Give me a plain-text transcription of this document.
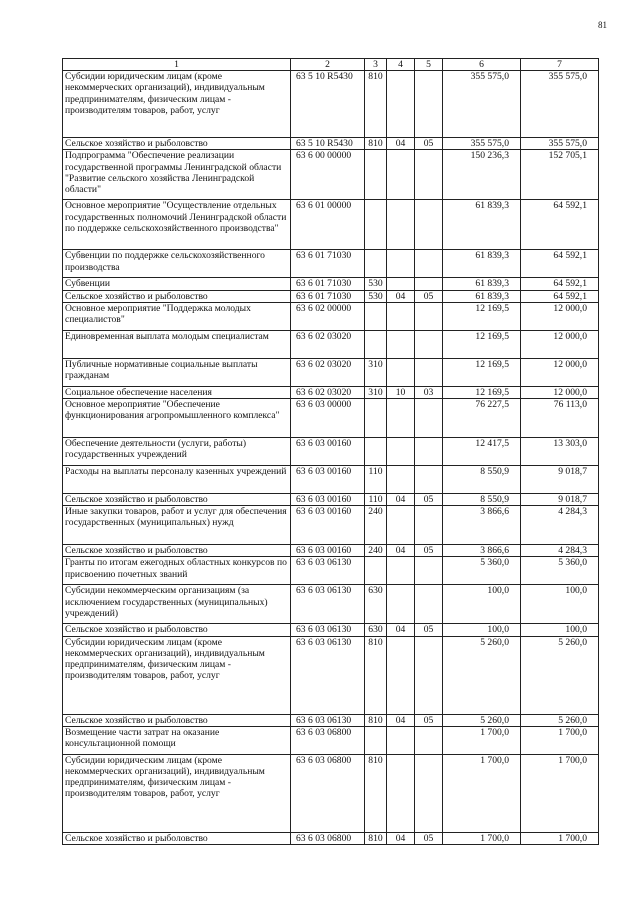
81
1	2	3	4	5	6	7
Субсидии юридическим лицам (кроме некоммерческих организаций), индивидуальным предпринимателям, физическим лицам - производителям товаров, работ, услуг	63 5 10 R5430	810			355 575,0	355 575,0
Сельское хозяйство и рыболовство	63 5 10 R5430	810	04	05	355 575,0	355 575,0
Подпрограмма "Обеспечение реализации государственной программы Ленинградской области "Развитие сельского хозяйства Ленинградской области"	63 6 00 00000				150 236,3	152 705,1
Основное мероприятие "Осуществление отдельных государственных полномочий Ленинградской области по поддержке сельскохозяйственного производства"	63 6 01 00000				61 839,3	64 592,1
Субвенции по поддержке сельскохозяйственного производства	63 6 01 71030				61 839,3	64 592,1
Субвенции	63 6 01 71030	530			61 839,3	64 592,1
Сельское хозяйство и рыболовство	63 6 01 71030	530	04	05	61 839,3	64 592,1
Основное мероприятие "Поддержка молодых специалистов"	63 6 02 00000				12 169,5	12 000,0
Единовременная выплата молодым специалистам	63 6 02 03020				12 169,5	12 000,0
Публичные нормативные социальные выплаты гражданам	63 6 02 03020	310			12 169,5	12 000,0
Социальное обеспечение населения	63 6 02 03020	310	10	03	12 169,5	12 000,0
Основное мероприятие "Обеспечение функционирования агропромышленного комплекса"	63 6 03 00000				76 227,5	76 113,0
Обеспечение деятельности (услуги, работы) государственных учреждений	63 6 03 00160				12 417,5	13 303,0
Расходы на выплаты персоналу казенных учреждений	63 6 03 00160	110			8 550,9	9 018,7
Сельское хозяйство и рыболовство	63 6 03 00160	110	04	05	8 550,9	9 018,7
Иные закупки товаров, работ и услуг для обеспечения государственных (муниципальных) нужд	63 6 03 00160	240			3 866,6	4 284,3
Сельское хозяйство и рыболовство	63 6 03 00160	240	04	05	3 866,6	4 284,3
Гранты по итогам ежегодных областных конкурсов по присвоению почетных званий	63 6 03 06130				5 360,0	5 360,0
Субсидии некоммерческим организациям (за исключением государственных (муниципальных) учреждений)	63 6 03 06130	630			100,0	100,0
Сельское хозяйство и рыболовство	63 6 03 06130	630	04	05	100,0	100,0
Субсидии юридическим лицам (кроме некоммерческих организаций), индивидуальным предпринимателям, физическим лицам - производителям товаров, работ, услуг	63 6 03 06130	810			5 260,0	5 260,0
Сельское хозяйство и рыболовство	63 6 03 06130	810	04	05	5 260,0	5 260,0
Возмещение части затрат на оказание консультационной помощи	63 6 03 06800				1 700,0	1 700,0
Субсидии юридическим лицам (кроме некоммерческих организаций), индивидуальным предпринимателям, физическим лицам - производителям товаров, работ, услуг	63 6 03 06800	810			1 700,0	1 700,0
Сельское хозяйство и рыболовство	63 6 03 06800	810	04	05	1 700,0	1 700,0
